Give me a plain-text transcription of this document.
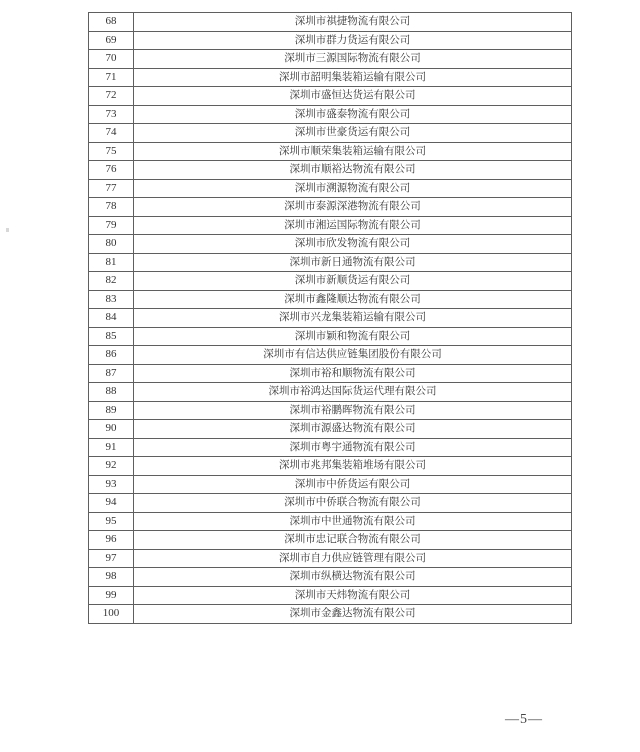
68	深圳市祺捷物流有限公司
69	深圳市群力货运有限公司
70	深圳市三源国际物流有限公司
71	深圳市韶明集装箱运输有限公司
72	深圳市盛恒达货运有限公司
73	深圳市盛泰物流有限公司
74	深圳市世豪货运有限公司
75	深圳市顺荣集装箱运输有限公司
76	深圳市顺裕达物流有限公司
77	深圳市溯源物流有限公司
78	深圳市泰源深港物流有限公司
79	深圳市湘运国际物流有限公司
80	深圳市欣发物流有限公司
81	深圳市新日通物流有限公司
82	深圳市新顺货运有限公司
83	深圳市鑫隆顺达物流有限公司
84	深圳市兴龙集装箱运输有限公司
85	深圳市颖和物流有限公司
86	深圳市有信达供应链集团股份有限公司
87	深圳市裕和顺物流有限公司
88	深圳市裕鸿达国际货运代理有限公司
89	深圳市裕鹏晖物流有限公司
90	深圳市源盛达物流有限公司
91	深圳市粤宇通物流有限公司
92	深圳市兆邦集装箱堆场有限公司
93	深圳市中侨货运有限公司
94	深圳市中侨联合物流有限公司
95	深圳市中世通物流有限公司
96	深圳市忠记联合物流有限公司
97	深圳市自力供应链管理有限公司
98	深圳市纵横达物流有限公司
99	深圳市天炜物流有限公司
100	深圳市金鑫达物流有限公司
—5—
